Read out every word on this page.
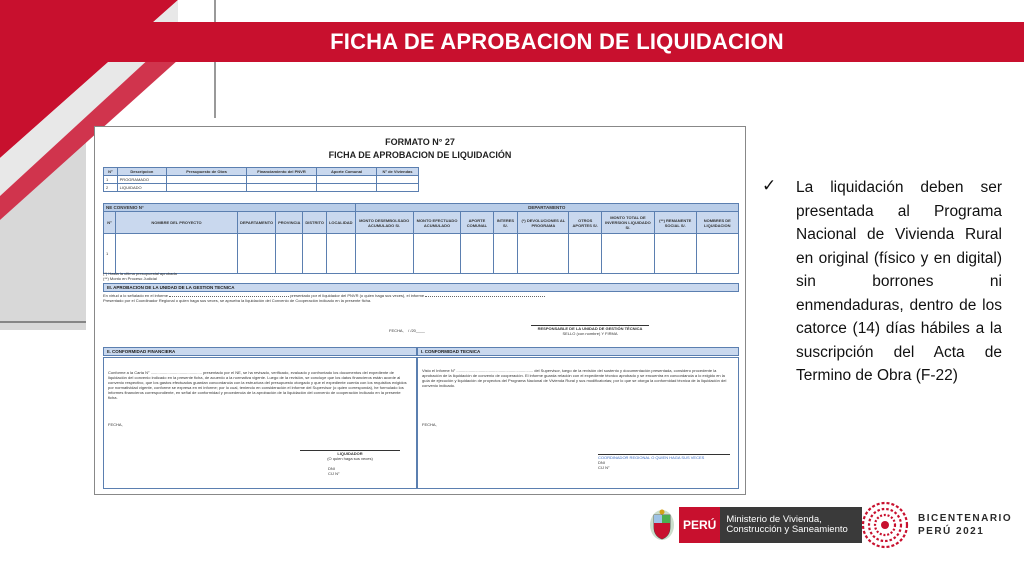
FICHA DE APROBACION DE LIQUIDACION
FORMATO N° 27
FICHA DE APROBACION DE LIQUIDACIÓN
N°	Descripcion	Presupuesto de Obra	Financiamiento del PNVR	Aporte Comunal	N° de Viviendas
1	PROGRAMADO				
2	LIQUIDADO				
NE CONVENIO N°						DEPARTAMENTO								
N°	NOMBRE DEL PROYECTO	DEPARTAMENTO	PROVINCIA	DISTRITO	LOCALIDAD	MONTO DESEMBOLSADO ACUMULADO S/.	MONTO EFECTUADO ACUMULADO	APORTE COMUNAL	INTERES S/.	(*) DEVOLUCIONES AL PROGRAMA	OTROS APORTES S/.	MONTO TOTAL DE INVERSION LIQUIDADO S/.	(**) REMANENTE SOCIAL S/.	NOMBRES DE LIQUIDACION
1														
(*) Hasta la ultima presupuestal aprobada
(**) Monto en Proceso Judicial
III. APROBACION DE LA UNIDAD DE LA GESTION TECNICA
En virtud a lo señalado en el informe	presentado por el liquidador del PNVR (o quien haga sus veces), el informe
Presentado por el Coordinador Regional o quien haga sus veces, se aprueba la liquidación del Convenio de Cooperación indicado en la presente ficha.
FECHA, / /20____	RESPONSABLE DE LA UNIDAD DE GESTIÓN TÉCNICA
SELLO (con nombre) Y FIRMA
II. CONFORMIDAD FINANCIERA	I. CONFORMIDAD TECNICA
Conforme a la Carta N° .............................................. presentado por el NE, se ha revisado, verificado, evaluado y confrontado los documentos del expediente de liquidación del convenio indicado en la presente ficha, de acuerdo a la normativa vigente. Luego de la revisión, se concluye que los datos financieros están acorde al convenio respectivo, que los gastos efectuados guardan concordancia con la estructura del presupuesto otorgado y que el expediente cuenta con los requisitos exigidos por normatividad vigente, conforme se expresa en mi informe; por lo cual, teniendo en consideración el informe del Supervisor (o quien corresponda), he formulado los informes financieros correspondiente, en señal de conformidad y procedencia de la aprobación de la liquidación del convenio de cooperación indicado en la presente ficha.
FECHA,
LIQUIDADOR
(O quien haga sus veces)
DNI
CIJ N°
Visto el Informe N° ..................................................................... del Supervisor, luego de la revisión del sustento y documentación presentada, considero procedente la aprobación de la liquidación de convenio de cooperación. El informe guarda relación con el expediente técnico aprobado y se encuentra en concordancia a lo exigido en la guía de ejecución y liquidación de proyectos del Programa Nacional de Vivienda Rural y sus modificatorias; por lo que se otorga la conformidad técnica de la liquidación del convenio indicado.
FECHA,
COORDINADOR REGIONAL O QUIEN HAGA SUS VECES
DNI
CIJ N°
✓ La liquidación deben ser presentada al Programa Nacional de Vivienda Rural en original (físico y en digital) sin borrones ni enmendaduras, dentro de los catorce (14) días hábiles a la suscripción del Acta de Termino de Obra (F-22)

PERÚ	Ministerio de Vivienda, Construcción y Saneamiento
BICENTENARIO
PERÚ 2021
